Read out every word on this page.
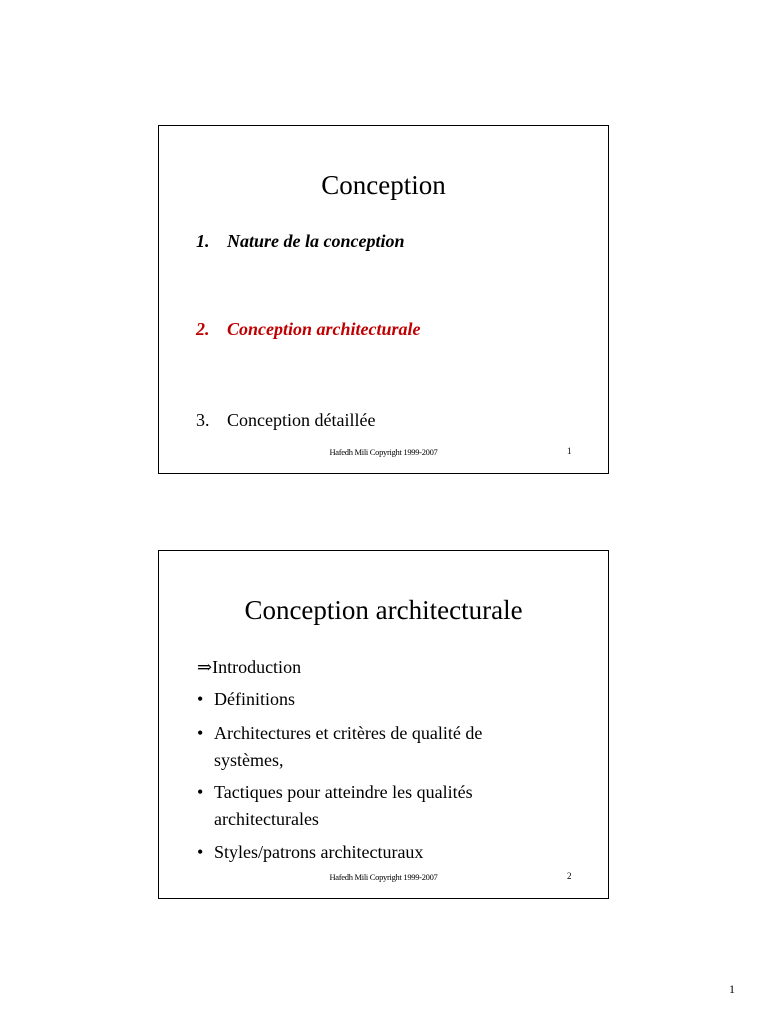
Conception
1. Nature de la conception
2. Conception architecturale
3. Conception détaillée
Hafedh Mili Copyright 1999-2007	1
Conception architecturale
⇒Introduction
• Définitions
• Architectures et critères de qualité de
systèmes,
• Tactiques pour atteindre les qualités
architecturales
• Styles/patrons architecturaux
Hafedh Mili Copyright 1999-2007	2
1
